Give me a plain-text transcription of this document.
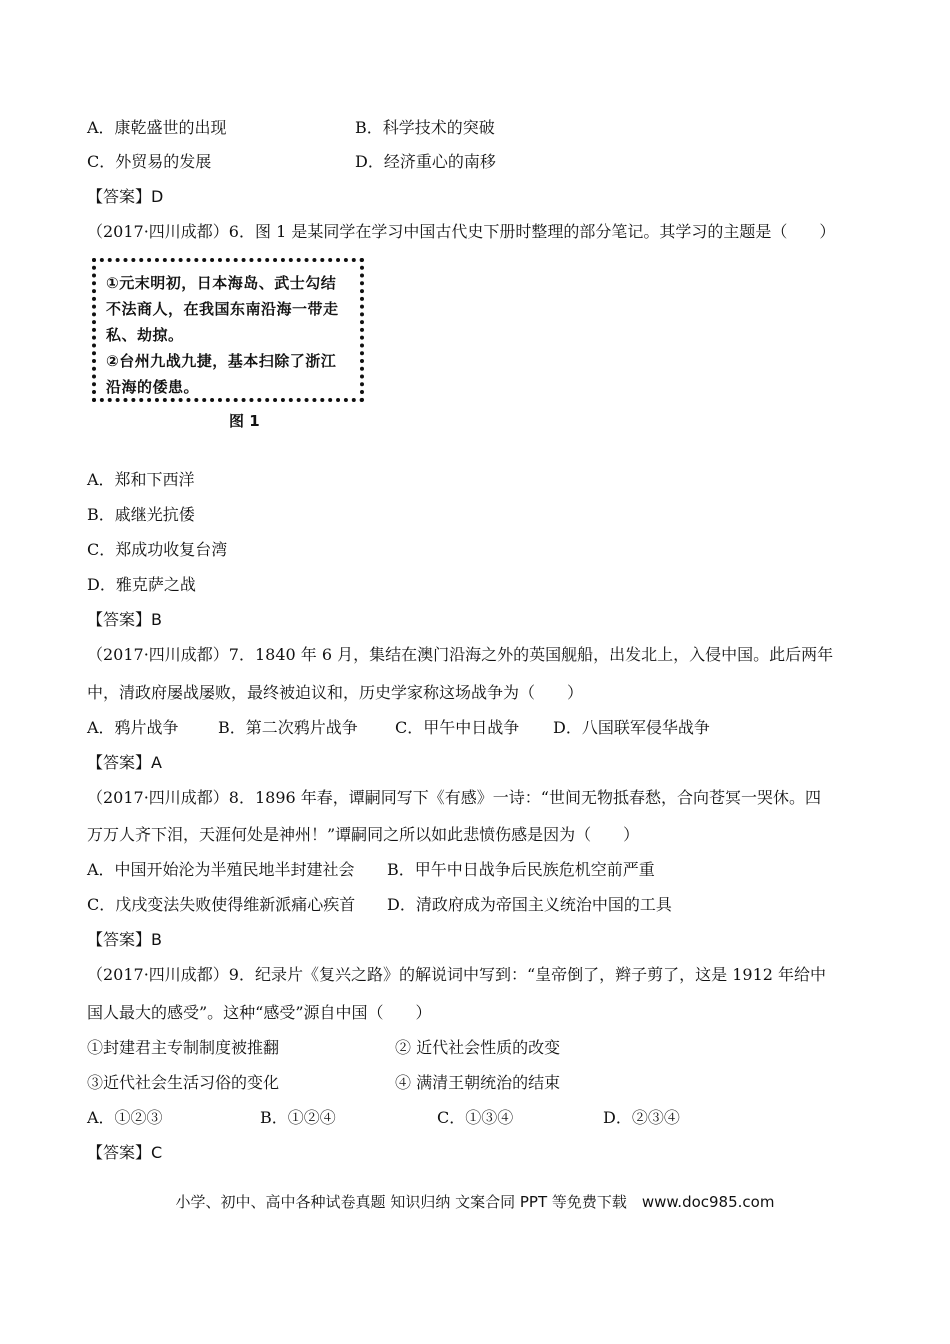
A．康乾盛世的出现	B．科学技术的突破
C．外贸易的发展	D．经济重心的南移
【答案】D
（2017·四川成都）6．图 1 是某同学在学习中国古代史下册时整理的部分笔记。其学习的主题是（　　）
①元末明初，日本海岛、武士勾结
不法商人，在我国东南沿海一带走
私、劫掠。
②台州九战九捷，基本扫除了浙江
沿海的倭患。
图 1
A．郑和下西洋
B．戚继光抗倭
C．郑成功收复台湾
D．雅克萨之战
【答案】B
（2017·四川成都）7．1840 年 6 月，集结在澳门沿海之外的英国舰船，出发北上，入侵中国。此后两年
中，清政府屡战屡败，最终被迫议和，历史学家称这场战争为（　　）
A．鸦片战争 B．第二次鸦片战争 C．甲午中日战争 D．八国联军侵华战争
【答案】A
（2017·四川成都）8．1896 年春，谭嗣同写下《有感》一诗：“世间无物抵春愁，合向苍冥一哭休。四
万万人齐下泪，天涯何处是神州！”谭嗣同之所以如此悲愤伤感是因为（　　）
A．中国开始沦为半殖民地半封建社会 B．甲午中日战争后民族危机空前严重
C．戊戌变法失败使得维新派痛心疾首 D．清政府成为帝国主义统治中国的工具
【答案】B
（2017·四川成都）9．纪录片《复兴之路》的解说词中写到：“皇帝倒了，辫子剪了，这是 1912 年给中
国人最大的感受”。这种“感受”源自中国（　　）
①封建君主专制制度被推翻	② 近代社会性质的改变
③近代社会生活习俗的变化	④ 满清王朝统治的结束
A．①②③	B．①②④	C．①③④	D．②③④
【答案】C
小学、初中、高中各种试卷真题 知识归纳 文案合同 PPT 等免费下载　www.doc985.com
